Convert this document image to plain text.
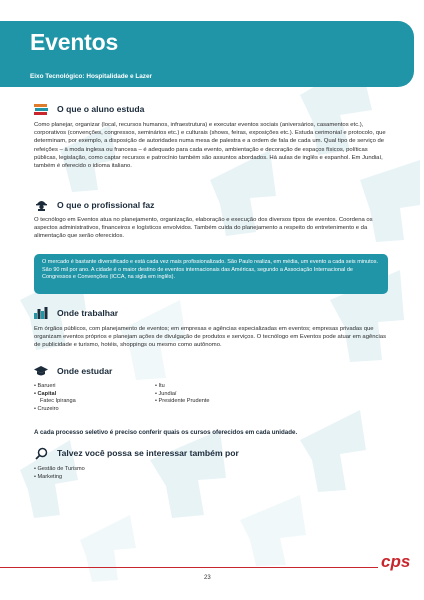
Eventos
Eixo Tecnológico: Hospitalidade e Lazer
O que o aluno estuda

Como planejar, organizar (local, recursos humanos, infraestrutura) e executar eventos sociais (aniversários, casamentos etc.), corporativos (convenções, congressos, seminários etc.) e culturais (shows, feiras, exposições etc.). Estuda cerimonial e protocolo, que determinam, por exemplo, a disposição de autoridades numa mesa de palestra e a ordem de fala de cada um. Qual tipo de serviço de refeições – à moda inglesa ou francesa – é adequado para cada evento, ambientação e decoração de espaços físicos, políticas públicas, legislação, como captar recursos e patrocínio também são assuntos abordados. Há aulas de inglês e espanhol. Em Jundiaí, também é oferecido o idioma italiano.

O que o profissional faz

O tecnólogo em Eventos atua no planejamento, organização, elaboração e execução dos diversos tipos de eventos. Coordena os aspectos administrativos, financeiros e logísticos envolvidos. Também cuida do planejamento a respeito do entretenimento e da alimentação que serão oferecidos.

O mercado é bastante diversificado e está cada vez mais profissionalizado. São Paulo realiza, em média, um evento a cada seis minutos. São 90 mil por ano. A cidade é o maior destino de eventos internacionais das Américas, segundo a Associação Internacional de Congressos e Convenções (ICCA, na sigla em inglês).

Onde trabalhar

Em órgãos públicos, com planejamento de eventos; em empresas e agências especializadas em eventos; empresas privadas que organizam eventos próprios e planejam ações de divulgação de produtos e serviços. O tecnólogo em Eventos pode atuar em agências de publicidade e turismo, hotéis, shoppings ou mesmo como autônomo.

Onde estudar
• Barueri
• Capital
Fatec Ipiranga
• Cruzeiro
• Itu
• Jundiaí
• Presidente Prudente
A cada processo seletivo é preciso conferir quais os cursos oferecidos em cada unidade.
Talvez você possa se interessar também por
• Gestão de Turismo
• Marketing
23
cps
